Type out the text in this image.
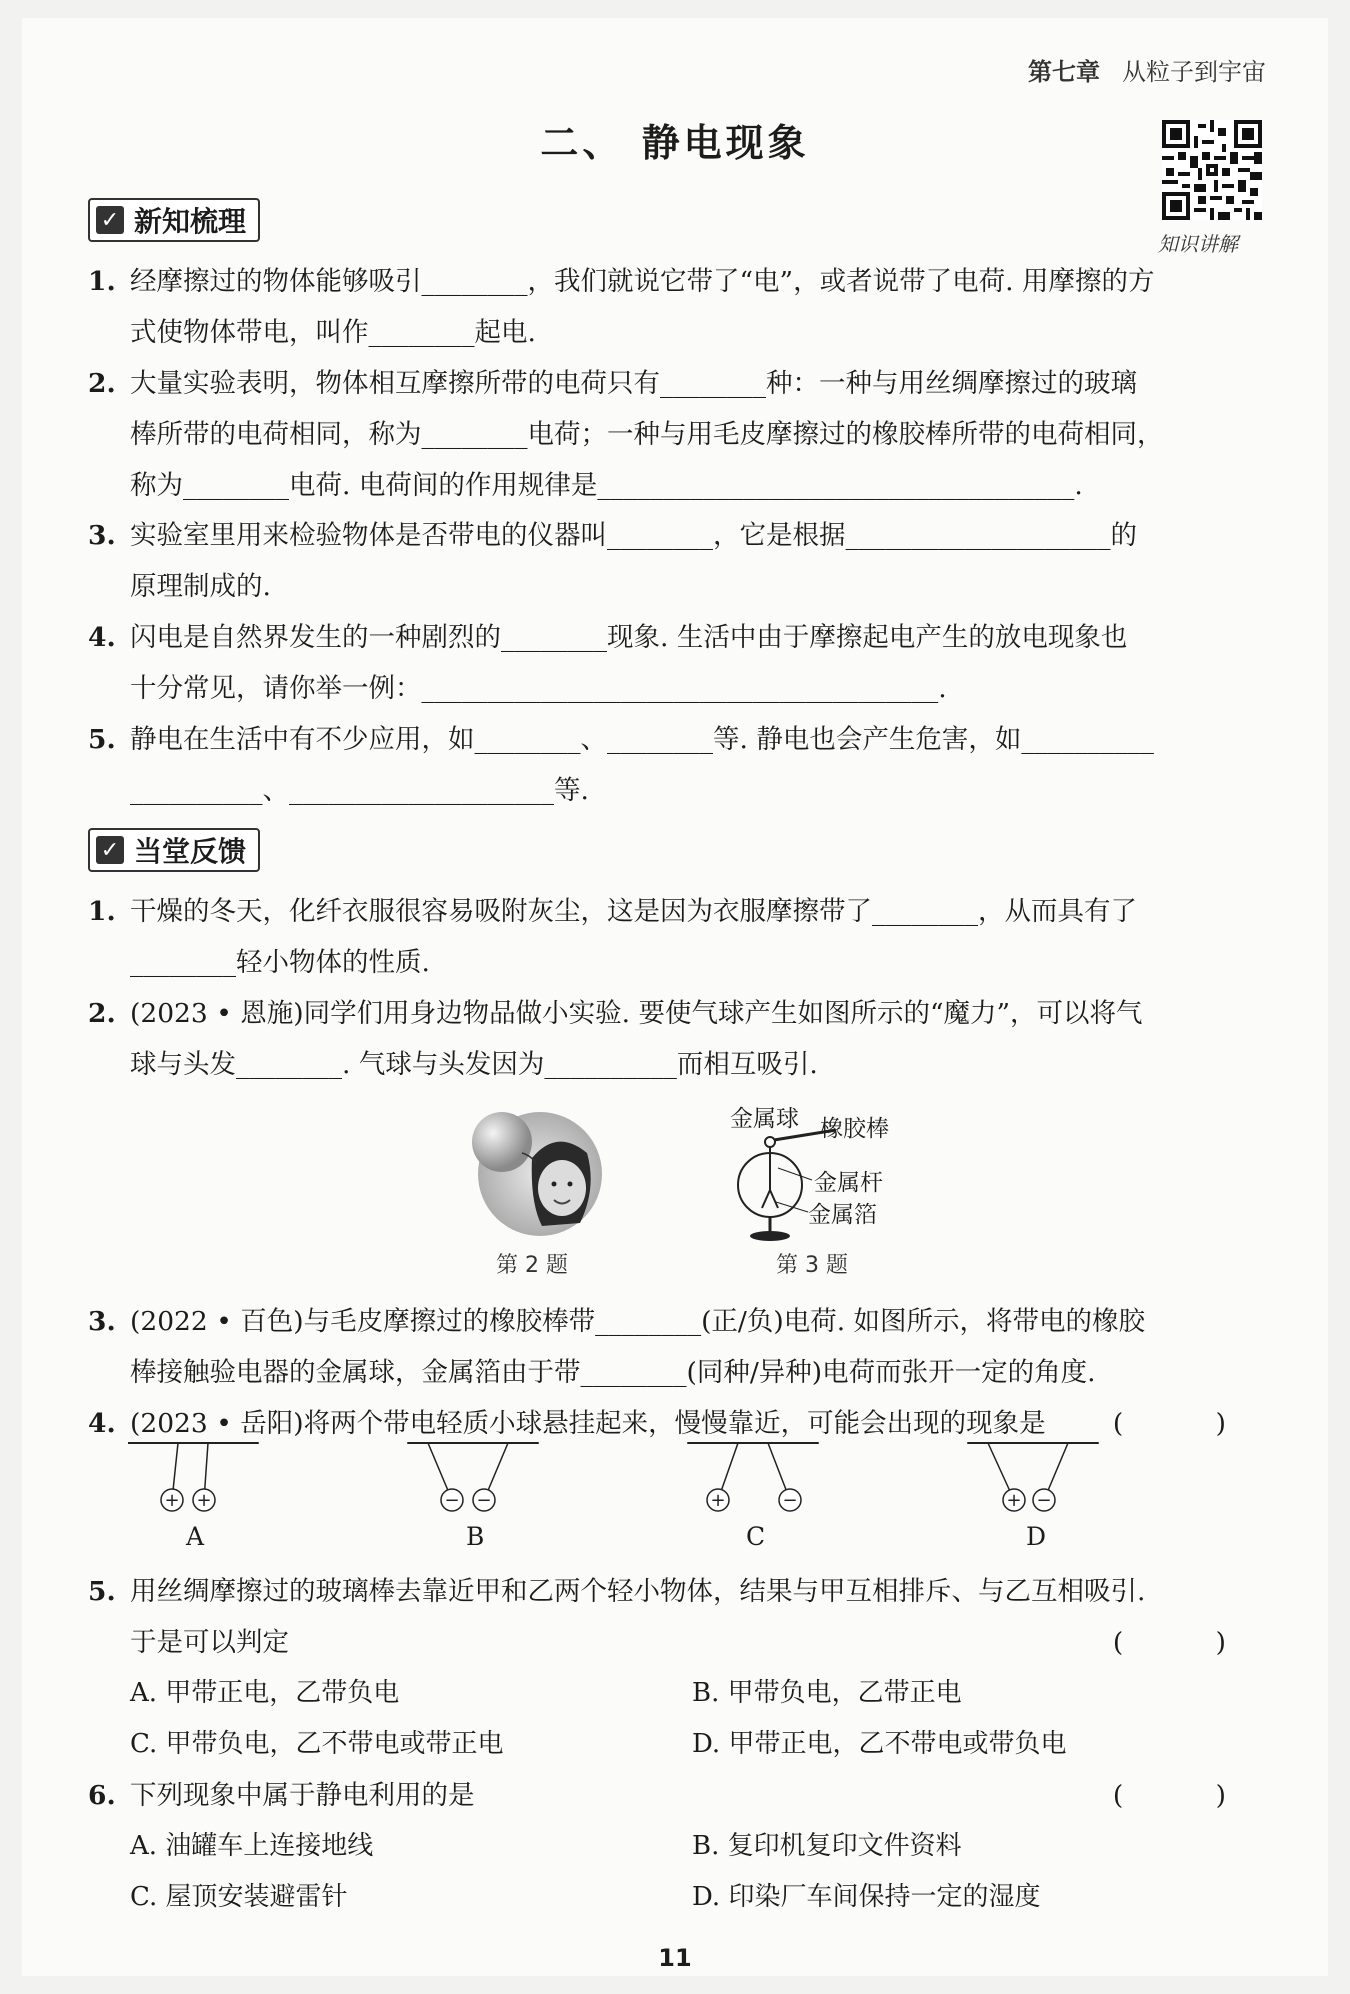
第七章 从粒子到宇宙
二、 静电现象
知识讲解
✓ 新知梳理
1. 经摩擦过的物体能够吸引________，我们就说它带了“电”，或者说带了电荷. 用摩擦的方
式使物体带电，叫作________起电.
2. 大量实验表明，物体相互摩擦所带的电荷只有________种：一种与用丝绸摩擦过的玻璃
棒所带的电荷相同，称为________电荷；一种与用毛皮摩擦过的橡胶棒所带的电荷相同，
称为________电荷. 电荷间的作用规律是____________________________________.
3. 实验室里用来检验物体是否带电的仪器叫________，它是根据____________________的
原理制成的.
4. 闪电是自然界发生的一种剧烈的________现象. 生活中由于摩擦起电产生的放电现象也
十分常见，请你举一例：_______________________________________.
5. 静电在生活中有不少应用，如________、________等. 静电也会产生危害，如__________
__________、____________________等.
✓ 当堂反馈
1. 干燥的冬天，化纤衣服很容易吸附灰尘，这是因为衣服摩擦带了________，从而具有了
________轻小物体的性质.
2. (2023 • 恩施)同学们用身边物品做小实验. 要使气球产生如图所示的“魔力”，可以将气
球与头发________. 气球与头发因为__________而相互吸引.
第 2 题
金属球 橡胶棒
金属杆
金属箔
第 3 题
3. (2022 • 百色)与毛皮摩擦过的橡胶棒带________(正/负)电荷. 如图所示，将带电的橡胶
棒接触验电器的金属球，金属箔由于带________(同种/异种)电荷而张开一定的角度.
4. (2023 • 岳阳)将两个带电轻质小球悬挂起来，慢慢靠近，可能会出现的现象是	( )
+ +	− −	+	−	+ −
A	B	C	D
5. 用丝绸摩擦过的玻璃棒去靠近甲和乙两个轻小物体，结果与甲互相排斥、与乙互相吸引.
于是可以判定	( )
A. 甲带正电，乙带负电	B. 甲带负电，乙带正电
C. 甲带负电，乙不带电或带正电	D. 甲带正电，乙不带电或带负电
6. 下列现象中属于静电利用的是	( )
A. 油罐车上连接地线	B. 复印机复印文件资料
C. 屋顶安装避雷针	D. 印染厂车间保持一定的湿度
11
